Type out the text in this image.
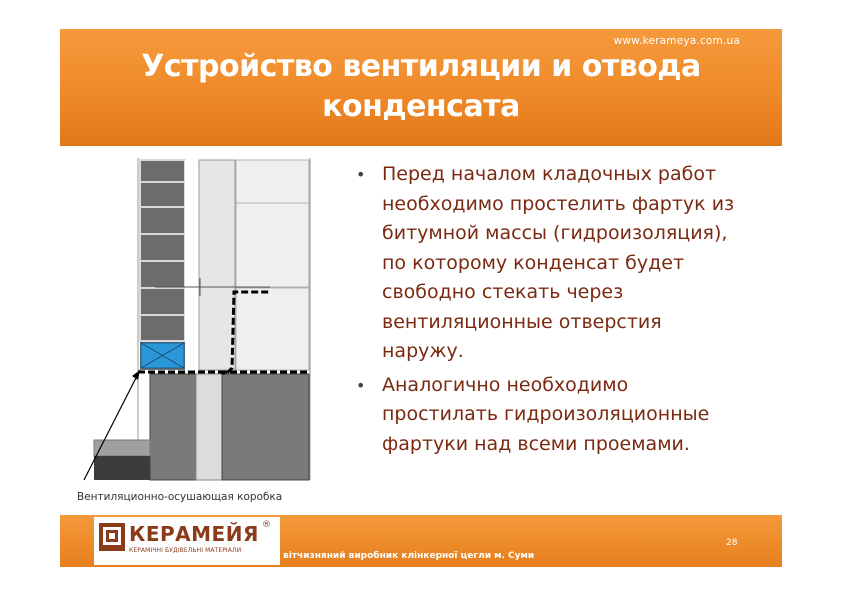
www.kerameya.com.ua
Устройство вентиляции и отвода
конденсата
Вентиляционно-осушающая коробка
• Перед началом кладочных работ
необходимо простелить фартук из
битумной массы (гидроизоляция),
по которому конденсат будет
свободно стекать через
вентиляционные отверстия
наружу.
• Аналогично необходимо
простилать гидроизоляционные
фартуки над всеми проемами.
КЕРАМЕЙЯ ®
КЕРАМІЧНІ БУДІВЕЛЬНІ МАТЕРІАЛИ
вітчизняний виробник клінкерної цегли м. Суми
28
